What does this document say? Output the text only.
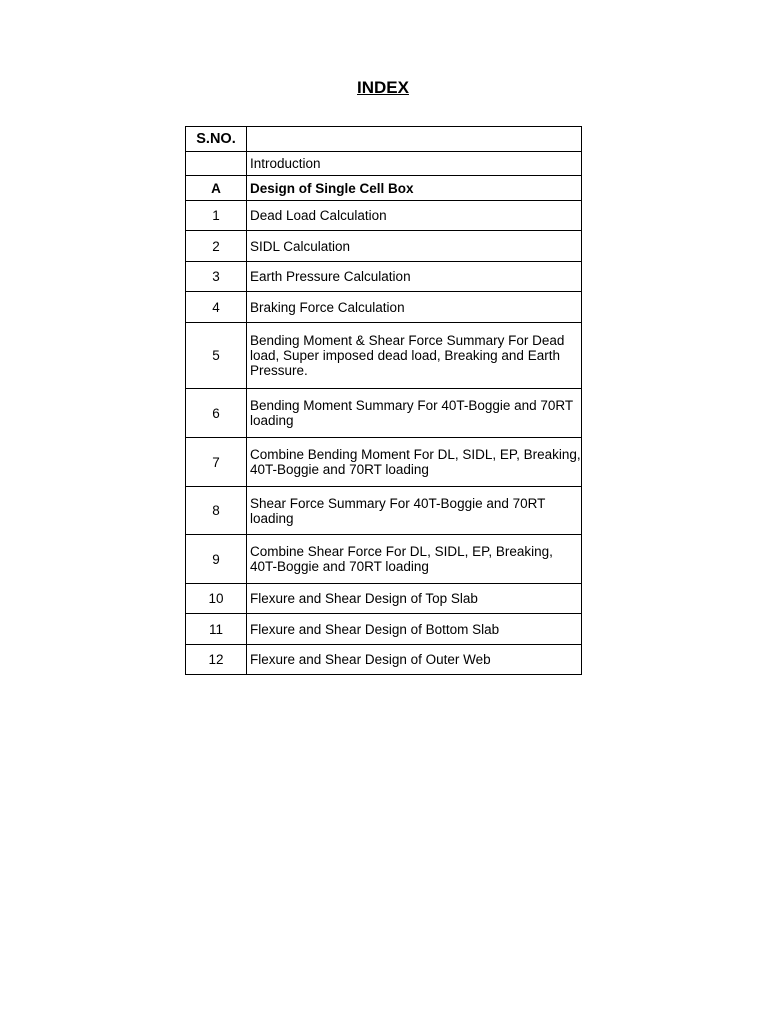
INDEX
S.NO.	
	Introduction
A	Design of Single Cell Box
1	Dead Load Calculation
2	SIDL Calculation
3	Earth Pressure Calculation
4	Braking Force Calculation
5	Bending Moment & Shear Force Summary For Dead load, Super imposed dead load, Breaking and Earth Pressure.
6	Bending Moment Summary For 40T-Boggie and 70RT loading
7	Combine Bending Moment For DL, SIDL, EP, Breaking, 40T-Boggie and 70RT loading
8	Shear Force Summary For 40T-Boggie and 70RT loading
9	Combine Shear Force For DL, SIDL, EP, Breaking, 40T-Boggie and 70RT loading
10	Flexure and Shear Design of Top Slab
11	Flexure and Shear Design of Bottom Slab
12	Flexure and Shear Design of Outer Web
